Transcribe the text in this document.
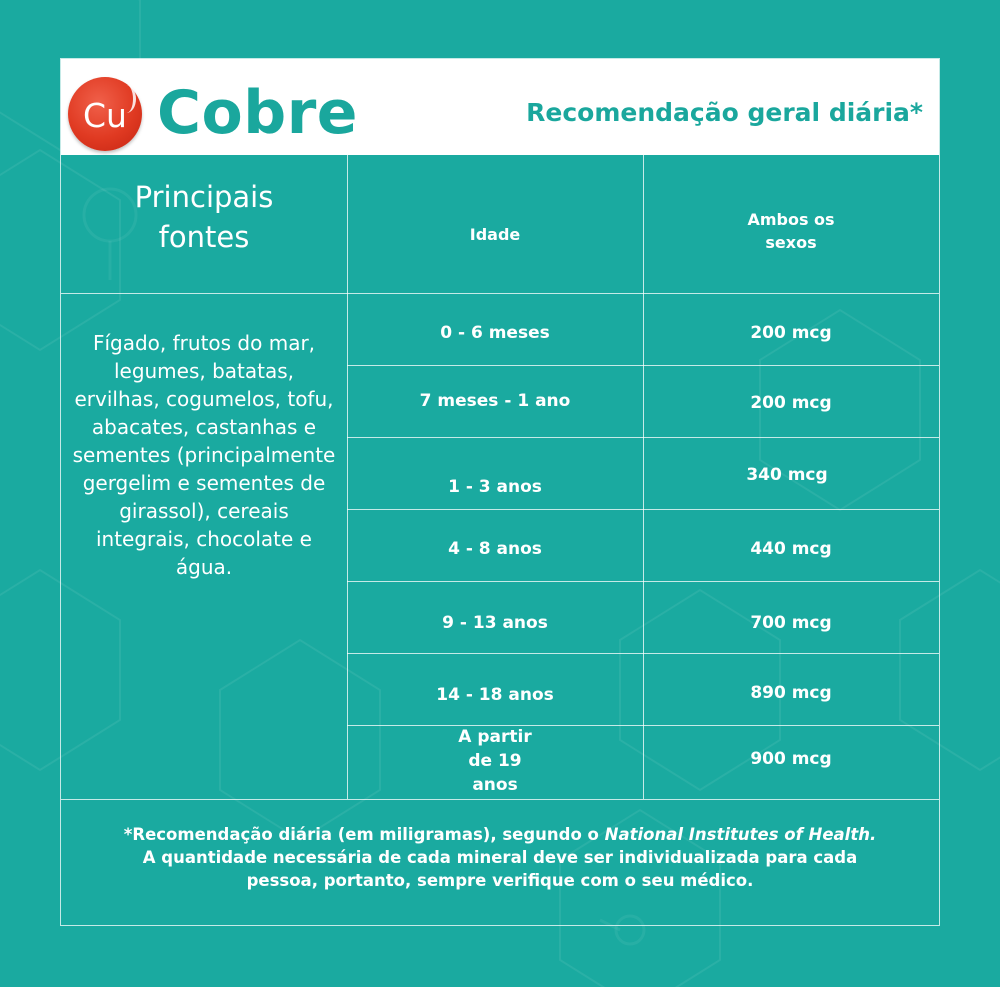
Cu Cobre	Recomendação geral diária*
Principais fontes	Idade
Ambos os sexos
Fígado, frutos do mar, legumes, batatas, ervilhas, cogumelos, tofu, abacates, castanhas e sementes (principalmente gergelim e sementes de girassol), cereais integrais, chocolate e água.
0 - 6 meses
7 meses - 1 ano
1 - 3 anos
4 - 8 anos
9 - 13 anos
14 - 18 anos
A partir de 19 anos
200 mcg
200 mcg
340 mcg
440 mcg
700 mcg
890 mcg
900 mcg
*Recomendação diária (em miligramas), segundo o National Institutes of Health.
A quantidade necessária de cada mineral deve ser individualizada para cada
pessoa, portanto, sempre verifique com o seu médico.
